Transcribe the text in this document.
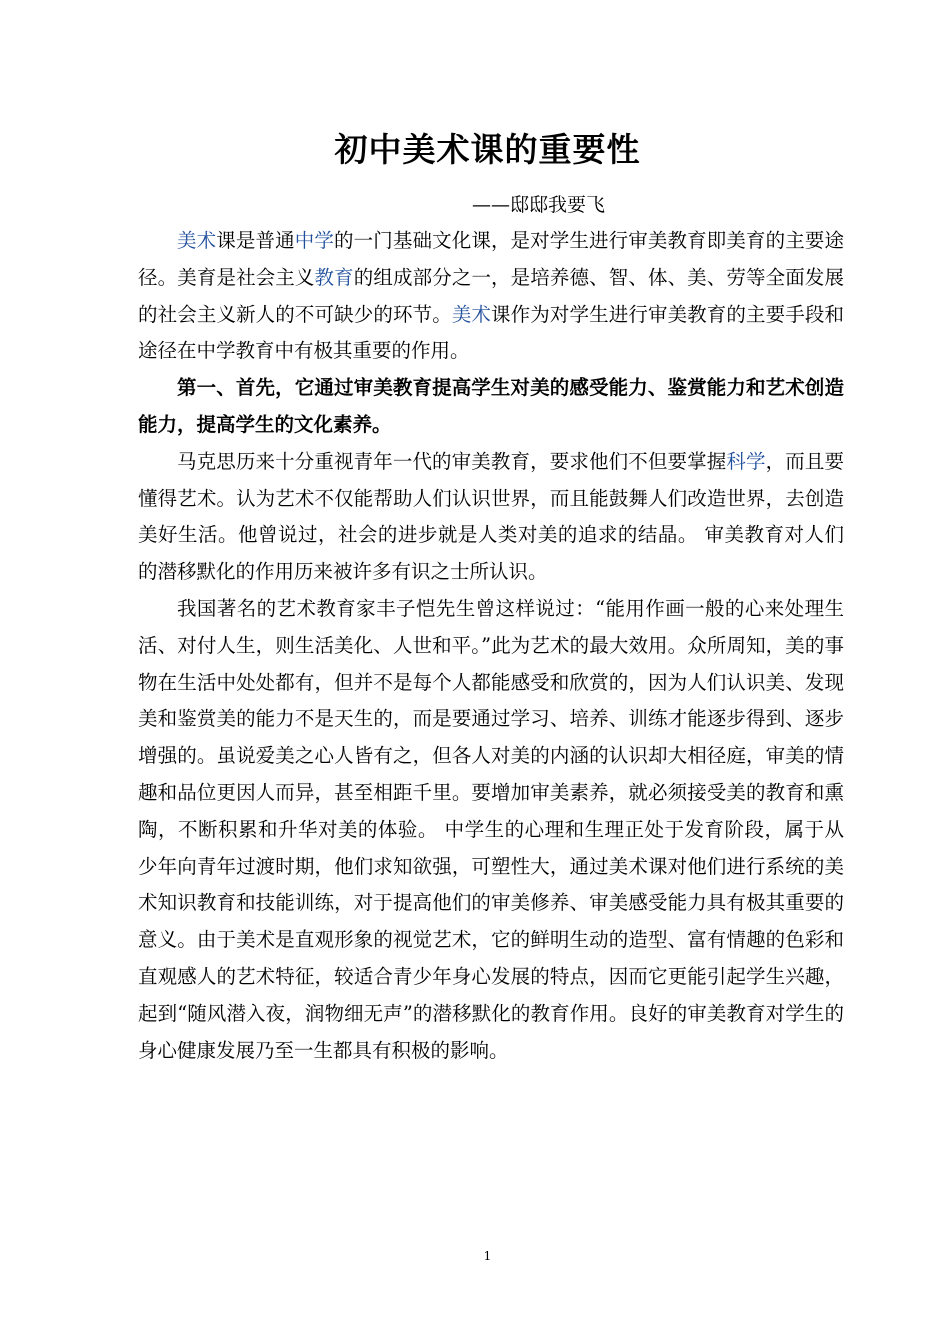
初中美术课的重要性
——邸邸我要飞

美术课是普通中学的一门基础文化课，是对学生进行审美教育即美育的主要途径。美育是社会主义教育的组成部分之一，是培养德、智、体、美、劳等全面发展的社会主义新人的不可缺少的环节。美术课作为对学生进行审美教育的主要手段和途径在中学教育中有极其重要的作用。

第一、首先，它通过审美教育提高学生对美的感受能力、鉴赏能力和艺术创造能力，提高学生的文化素养。

马克思历来十分重视青年一代的审美教育，要求他们不但要掌握科学，而且要懂得艺术。认为艺术不仅能帮助人们认识世界，而且能鼓舞人们改造世界，去创造美好生活。他曾说过，社会的进步就是人类对美的追求的结晶。 审美教育对人们的潜移默化的作用历来被许多有识之士所认识。

我国著名的艺术教育家丰子恺先生曾这样说过：“能用作画一般的心来处理生活、对付人生，则生活美化、人世和平。”此为艺术的最大效用。众所周知，美的事物在生活中处处都有，但并不是每个人都能感受和欣赏的，因为人们认识美、发现美和鉴赏美的能力不是天生的，而是要通过学习、培养、训练才能逐步得到、逐步增强的。虽说爱美之心人皆有之，但各人对美的内涵的认识却大相径庭，审美的情趣和品位更因人而异，甚至相距千里。要增加审美素养，就必须接受美的教育和熏陶，不断积累和升华对美的体验。 中学生的心理和生理正处于发育阶段，属于从少年向青年过渡时期，他们求知欲强，可塑性大，通过美术课对他们进行系统的美术知识教育和技能训练，对于提高他们的审美修养、审美感受能力具有极其重要的意义。由于美术是直观形象的视觉艺术，它的鲜明生动的造型、富有情趣的色彩和直观感人的艺术特征，较适合青少年身心发展的特点，因而它更能引起学生兴趣，起到“随风潜入夜，润物细无声”的潜移默化的教育作用。良好的审美教育对学生的身心健康发展乃至一生都具有积极的影响。

1
